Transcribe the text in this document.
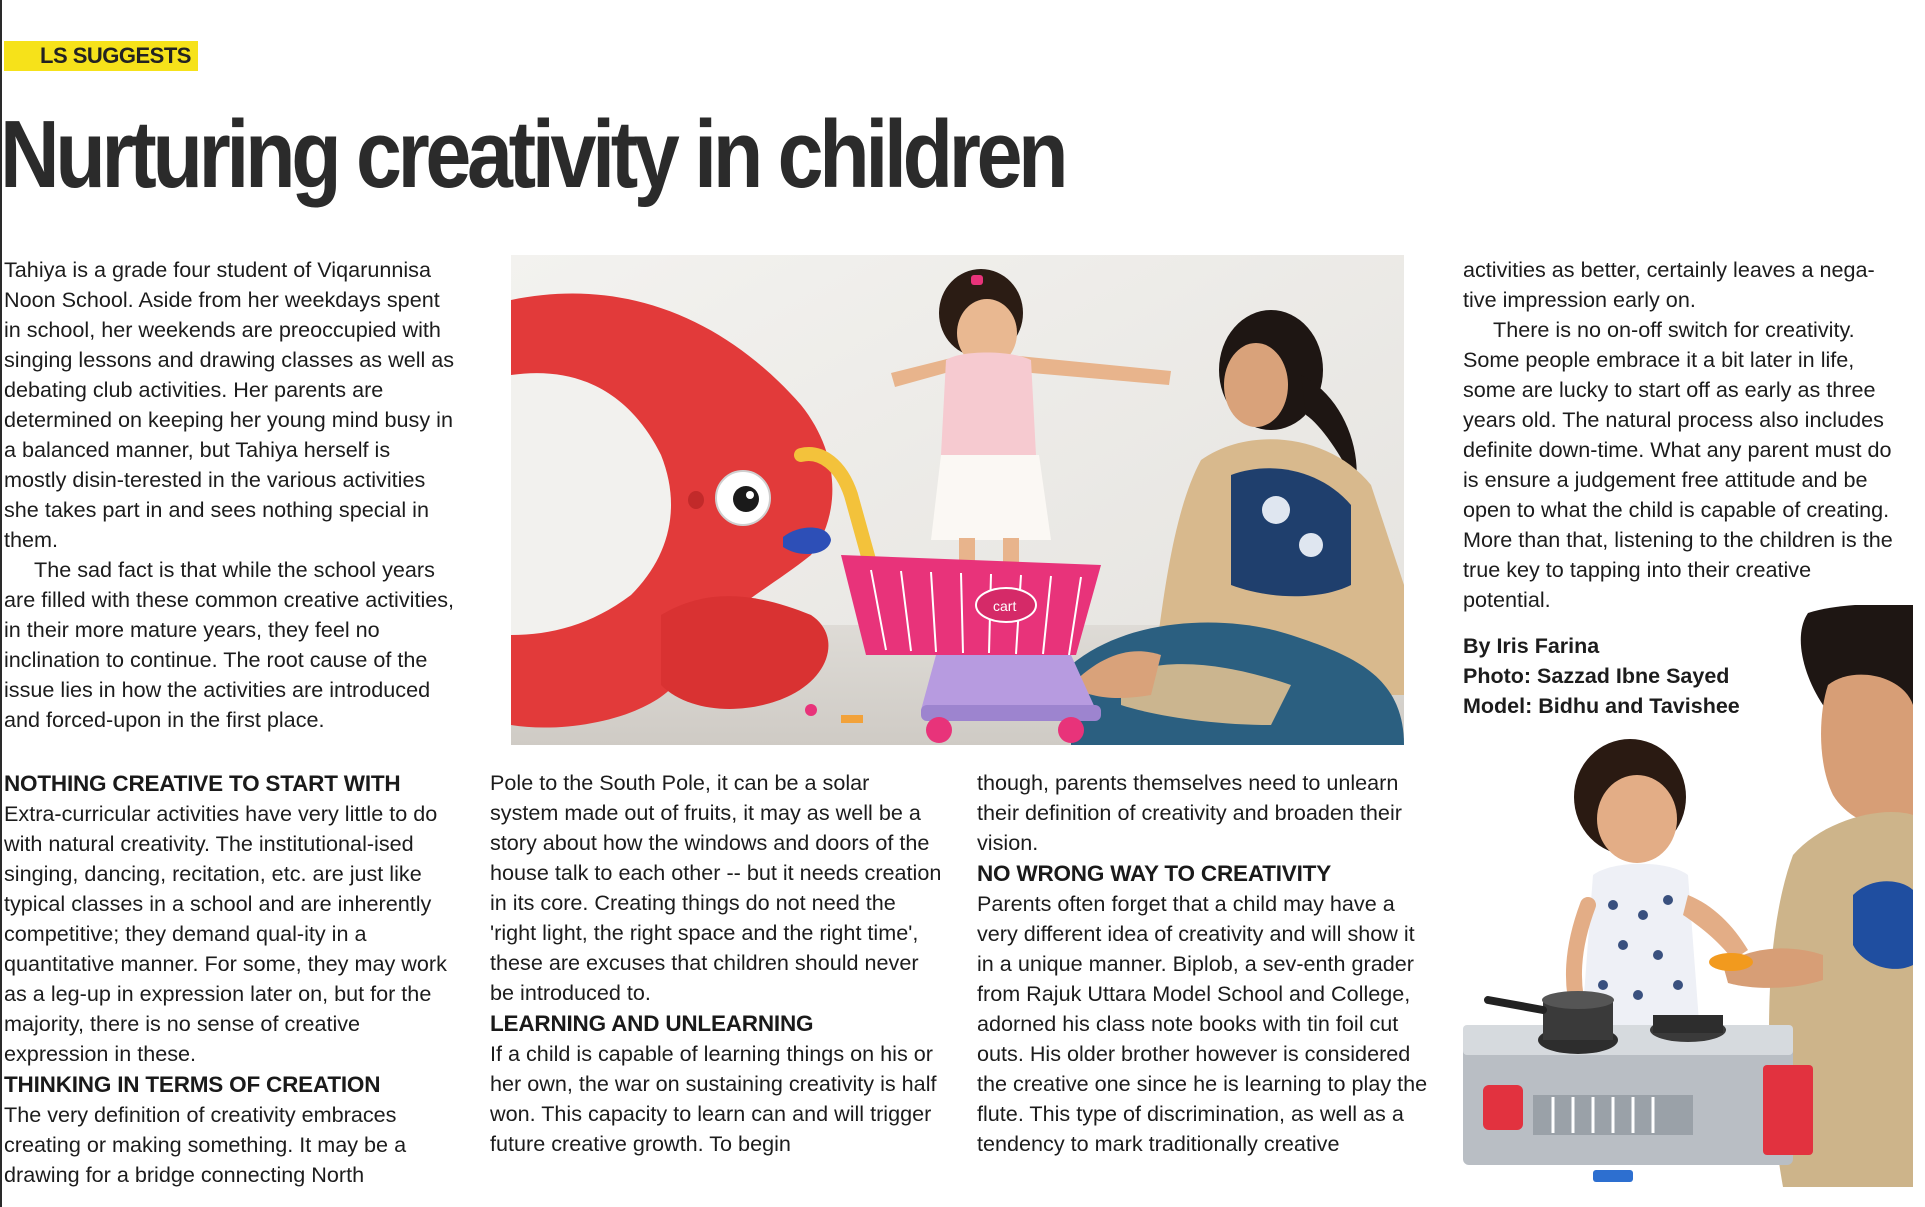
LS SUGGESTS
Nurturing creativity in children

Tahiya is a grade four student of Viqarunnisa Noon School. Aside from her weekdays spent in school, her weekends are preoccupied with singing lessons and drawing classes as well as debating club activities. Her parents are determined on keeping her young mind busy in a balanced manner, but Tahiya herself is mostly disin-terested in the various activities she takes part in and sees nothing special in them.

The sad fact is that while the school years are filled with these common creative activities, in their more mature years, they feel no inclination to continue. The root cause of the issue lies in how the activities are introduced and forced-upon in the first place.

cart
NOTHING CREATIVE TO START WITH

Extra-curricular activities have very little to do with natural creativity. The institutional-ised singing, dancing, recitation, etc. are just like typical classes in a school and are inherently competitive; they demand qual-ity in a quantitative manner. For some, they may work as a leg-up in expression later on, but for the majority, there is no sense of creative expression in these.

THINKING IN TERMS OF CREATION

The very definition of creativity embraces creating or making something. It may be a drawing for a bridge connecting North

Pole to the South Pole, it can be a solar system made out of fruits, it may as well be a story about how the windows and doors of the house talk to each other -- but it needs creation in its core. Creating things do not need the 'right light, the right space and the right time', these are excuses that children should never be introduced to.

LEARNING AND UNLEARNING

If a child is capable of learning things on his or her own, the war on sustaining creativity is half won. This capacity to learn can and will trigger future creative growth. To begin

though, parents themselves need to unlearn their definition of creativity and broaden their vision.

NO WRONG WAY TO CREATIVITY

Parents often forget that a child may have a very different idea of creativity and will show it in a unique manner. Biplob, a sev-enth grader from Rajuk Uttara Model School and College, adorned his class note books with tin foil cut outs. His older brother however is considered the creative one since he is learning to play the flute. This type of discrimination, as well as a tendency to mark traditionally creative

activities as better, certainly leaves a nega-tive impression early on.

There is no on-off switch for creativity. Some people embrace it a bit later in life, some are lucky to start off as early as three years old. The natural process also includes definite down-time. What any parent must do is ensure a judgement free attitude and be open to what the child is capable of creating. More than that, listening to the children is the true key to tapping into their creative potential.

By Iris Farina

Photo: Sazzad Ibne Sayed

Model: Bidhu and Tavishee
